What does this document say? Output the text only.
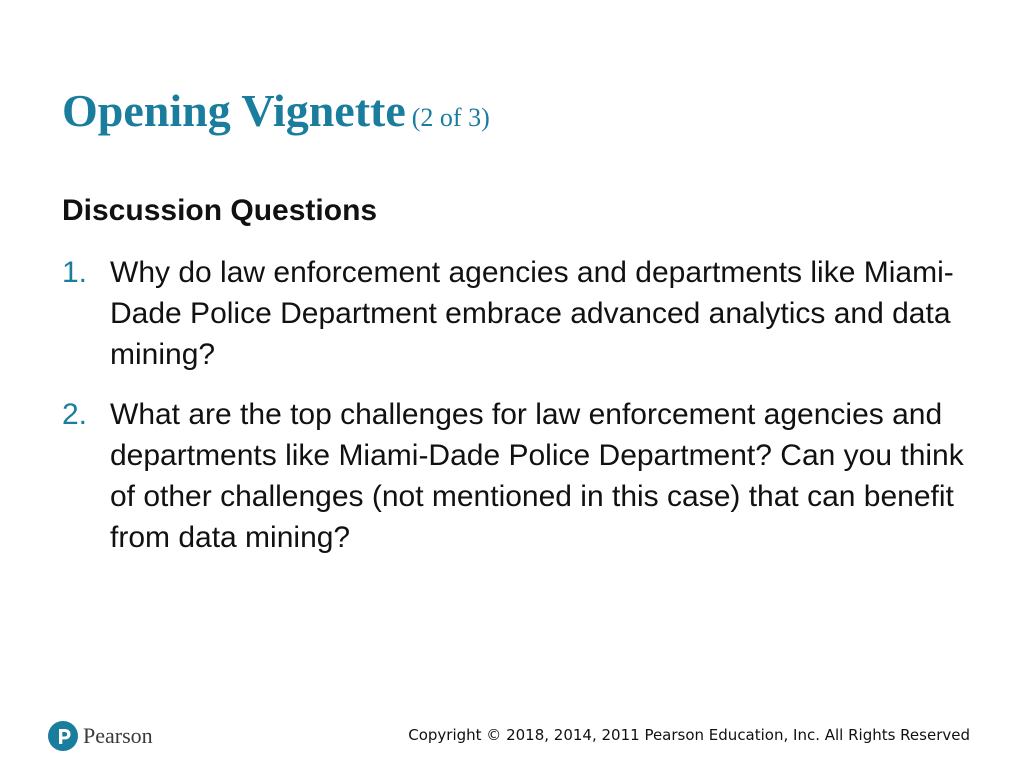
Opening Vignette (2 of 3)
Discussion Questions
1. Why do law enforcement agencies and departments like Miami-Dade Police Department embrace advanced analytics and data mining?
2. What are the top challenges for law enforcement agencies and departments like Miami-Dade Police Department? Can you think of other challenges (not mentioned in this case) that can benefit from data mining?
Pearson	Copyright © 2018, 2014, 2011 Pearson Education, Inc. All Rights Reserved
